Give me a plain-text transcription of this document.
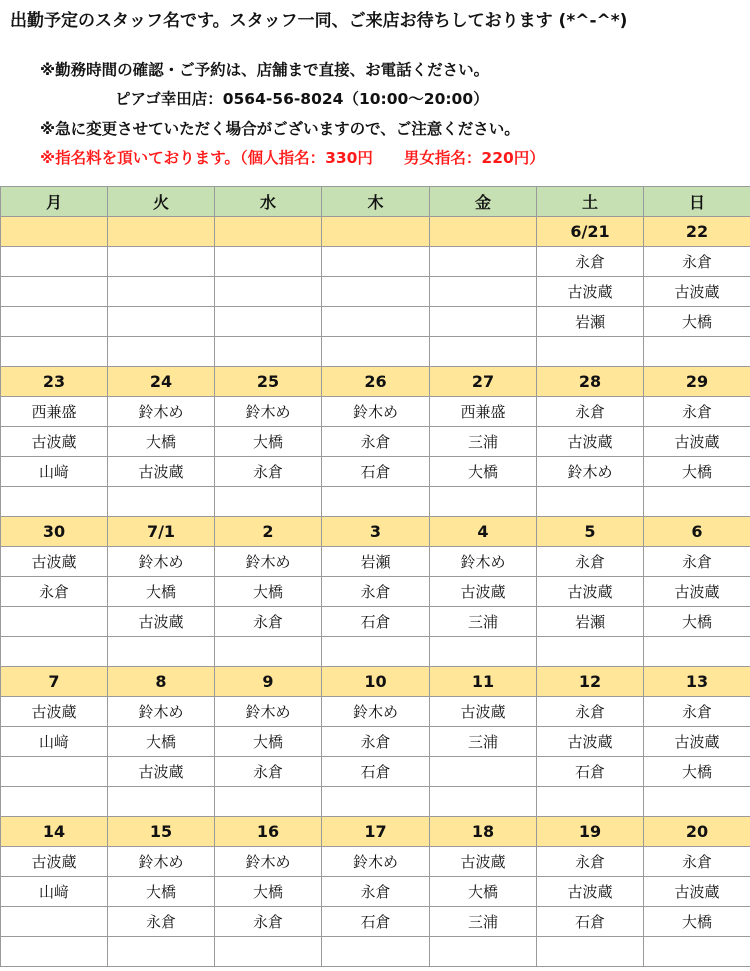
出勤予定のスタッフ名です。スタッフ一同、ご来店お待ちしております (*^-^*)
※勤務時間の確認・ご予約は、店舗まで直接、お電話ください。
ピアゴ幸田店：0564-56-8024（10:00～20:00）
※急に変更させていただく場合がございますので、ご注意ください。
※指名料を頂いております。（個人指名：330円　　男女指名：220円）
月	火	水	木	金	土	日
					6/21	22
					永倉	永倉
					古波蔵	古波蔵
					岩瀬	大橋

23	24	25	26	27	28	29
西兼盛	鈴木め	鈴木め	鈴木め	西兼盛	永倉	永倉
古波蔵	大橋	大橋	永倉	三浦	古波蔵	古波蔵
山﨑	古波蔵	永倉	石倉	大橋	鈴木め	大橋

30	7/1	2	3	4	5	6
古波蔵	鈴木め	鈴木め	岩瀬	鈴木め	永倉	永倉
永倉	大橋	大橋	永倉	古波蔵	古波蔵	古波蔵
	古波蔵	永倉	石倉	三浦	岩瀬	大橋

7	8	9	10	11	12	13
古波蔵	鈴木め	鈴木め	鈴木め	古波蔵	永倉	永倉
山﨑	大橋	大橋	永倉	三浦	古波蔵	古波蔵
	古波蔵	永倉	石倉		石倉	大橋

14	15	16	17	18	19	20
古波蔵	鈴木め	鈴木め	鈴木め	古波蔵	永倉	永倉
山﨑	大橋	大橋	永倉	大橋	古波蔵	古波蔵
	永倉	永倉	石倉	三浦	石倉	大橋
